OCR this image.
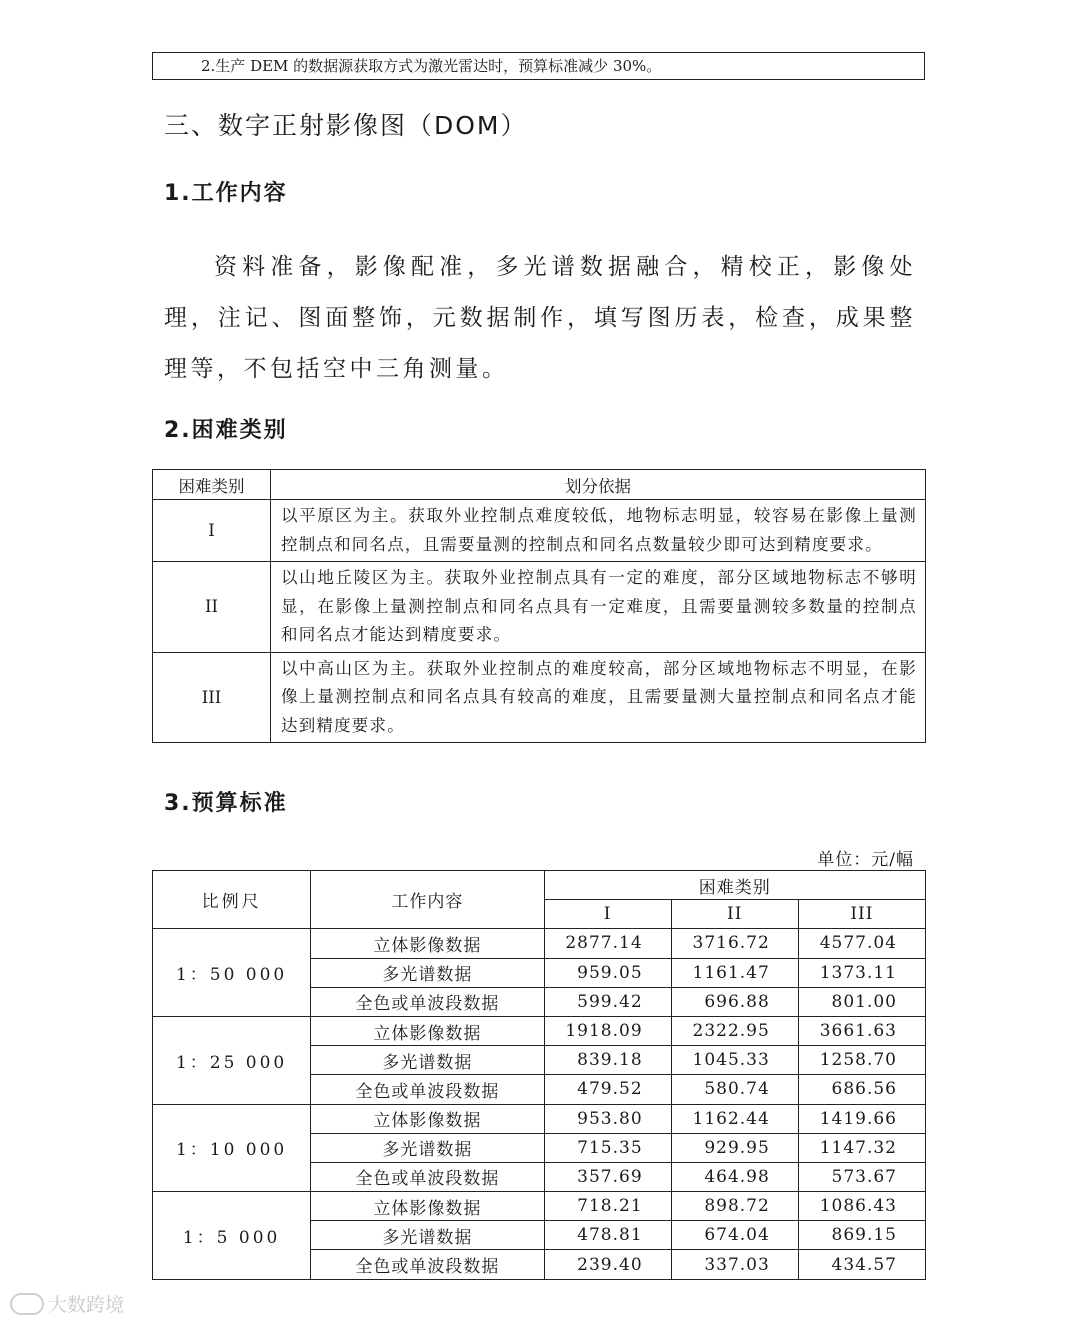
2.生产 DEM 的数据源获取方式为激光雷达时，预算标准减少 30%。
三、数字正射影像图（DOM）
1.工作内容
资料准备，影像配准，多光谱数据融合，精校正，影像处理，注记、图面整饰，元数据制作，填写图历表，检查，成果整理等，不包括空中三角测量。
2.困难类别
困难类别	划分依据
I	以平原区为主。获取外业控制点难度较低，地物标志明显，较容易在影像上量测控制点和同名点，且需要量测的控制点和同名点数量较少即可达到精度要求。
II	以山地丘陵区为主。获取外业控制点具有一定的难度，部分区域地物标志不够明显，在影像上量测控制点和同名点具有一定难度，且需要量测较多数量的控制点和同名点才能达到精度要求。
III	以中高山区为主。获取外业控制点的难度较高，部分区域地物标志不明显，在影像上量测控制点和同名点具有较高的难度，且需要量测大量控制点和同名点才能达到精度要求。
3.预算标准
单位：元/幅
比例尺	工作内容	困难类别		
		I	II	III
1：50 000	立体影像数据	2877.14	3716.72	4577.04
	多光谱数据	959.05	1161.47	1373.11
	全色或单波段数据	599.42	696.88	801.00
1：25 000	立体影像数据	1918.09	2322.95	3661.63
	多光谱数据	839.18	1045.33	1258.70
	全色或单波段数据	479.52	580.74	686.56
1：10 000	立体影像数据	953.80	1162.44	1419.66
	多光谱数据	715.35	929.95	1147.32
	全色或单波段数据	357.69	464.98	573.67
1：5 000	立体影像数据	718.21	898.72	1086.43
	多光谱数据	478.81	674.04	869.15
	全色或单波段数据	239.40	337.03	434.57
大数跨境
